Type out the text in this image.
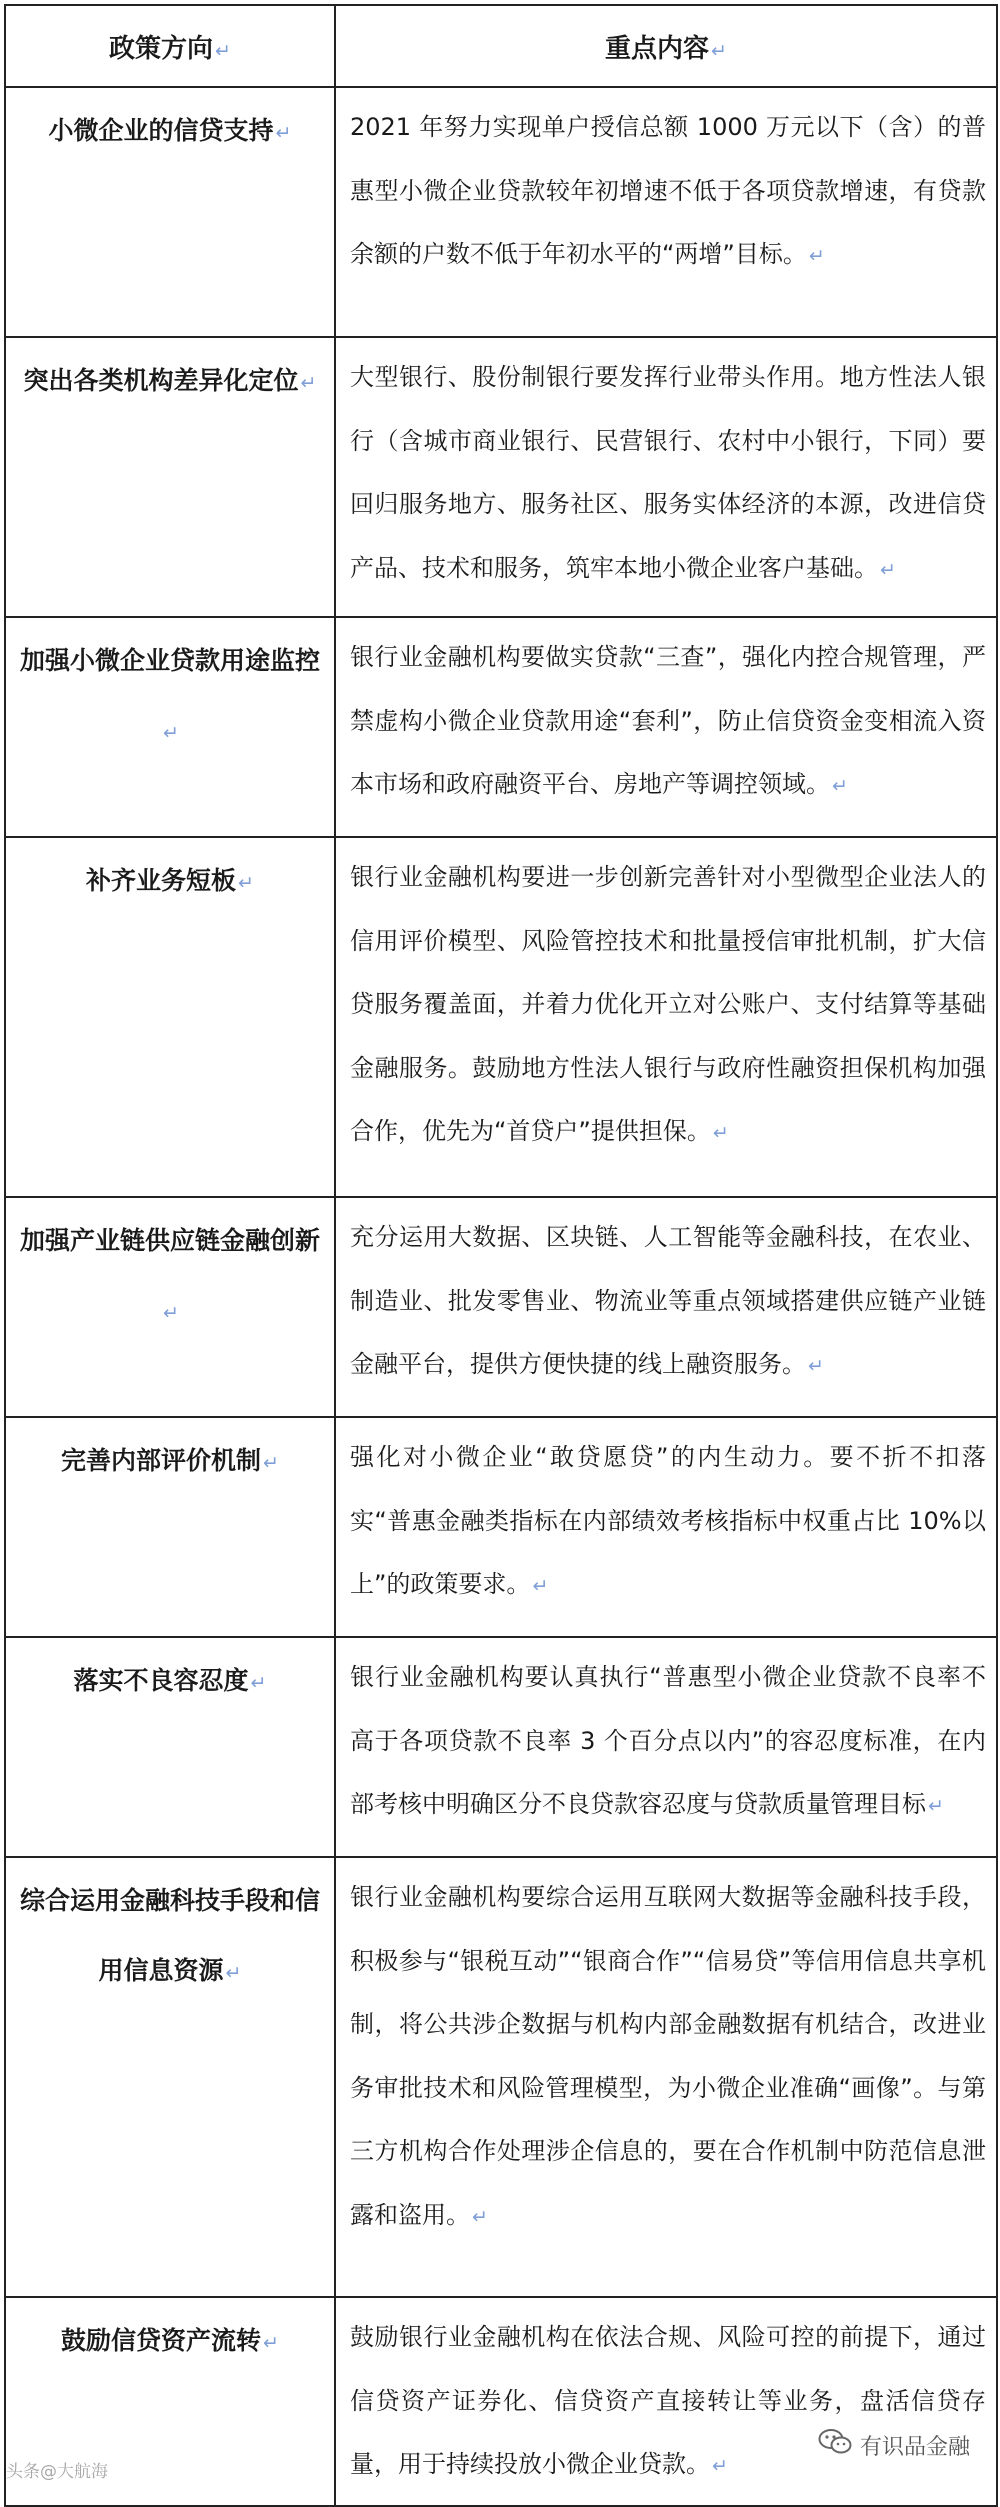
政策方向 ↵	重点内容 ↵
小微企业的信贷支持 ↵	2021 年努力实现单户授信总额 1000 万元以下（含）的普惠型小微企业贷款较年初增速不低于各项贷款增速，有贷款余额的户数不低于年初水平的“两增”目标。 ↵
突出各类机构差异化定位 ↵	大型银行、股份制银行要发挥行业带头作用。地方性法人银行（含城市商业银行、民营银行、农村中小银行，下同）要回归服务地方、服务社区、服务实体经济的本源，改进信贷产品、技术和服务，筑牢本地小微企业客户基础。 ↵
加强小微企业贷款用途监控↵	银行业金融机构要做实贷款“三查”，强化内控合规管理，严禁虚构小微企业贷款用途“套利”，防止信贷资金变相流入资本市场和政府融资平台、房地产等调控领域。 ↵
补齐业务短板 ↵	银行业金融机构要进一步创新完善针对小型微型企业法人的信用评价模型、风险管控技术和批量授信审批机制，扩大信贷服务覆盖面，并着力优化开立对公账户、支付结算等基础金融服务。鼓励地方性法人银行与政府性融资担保机构加强合作，优先为“首贷户”提供担保。 ↵
加强产业链供应链金融创新↵	充分运用大数据、区块链、人工智能等金融科技，在农业、制造业、批发零售业、物流业等重点领域搭建供应链产业链金融平台，提供方便快捷的线上融资服务。 ↵
完善内部评价机制 ↵	强化对小微企业“敢贷愿贷”的内生动力。要不折不扣落实“普惠金融类指标在内部绩效考核指标中权重占比 10%以上”的政策要求。 ↵
落实不良容忍度 ↵	银行业金融机构要认真执行“普惠型小微企业贷款不良率不高于各项贷款不良率 3 个百分点以内”的容忍度标准，在内部考核中明确区分不良贷款容忍度与贷款质量管理目标 ↵
综合运用金融科技手段和信用信息资源 ↵	银行业金融机构要综合运用互联网大数据等金融科技手段，积极参与“银税互动”“银商合作”“信易贷”等信用信息共享机制，将公共涉企数据与机构内部金融数据有机结合，改进业务审批技术和风险管理模型，为小微企业准确“画像”。与第三方机构合作处理涉企信息的，要在合作机制中防范信息泄露和盗用。 ↵
鼓励信贷资产流转 ↵	鼓励银行业金融机构在依法合规、风险可控的前提下，通过信贷资产证券化、信贷资产直接转让等业务，盘活信贷存量，用于持续投放小微企业贷款。 ↵
有识品金融
头条@大航海
